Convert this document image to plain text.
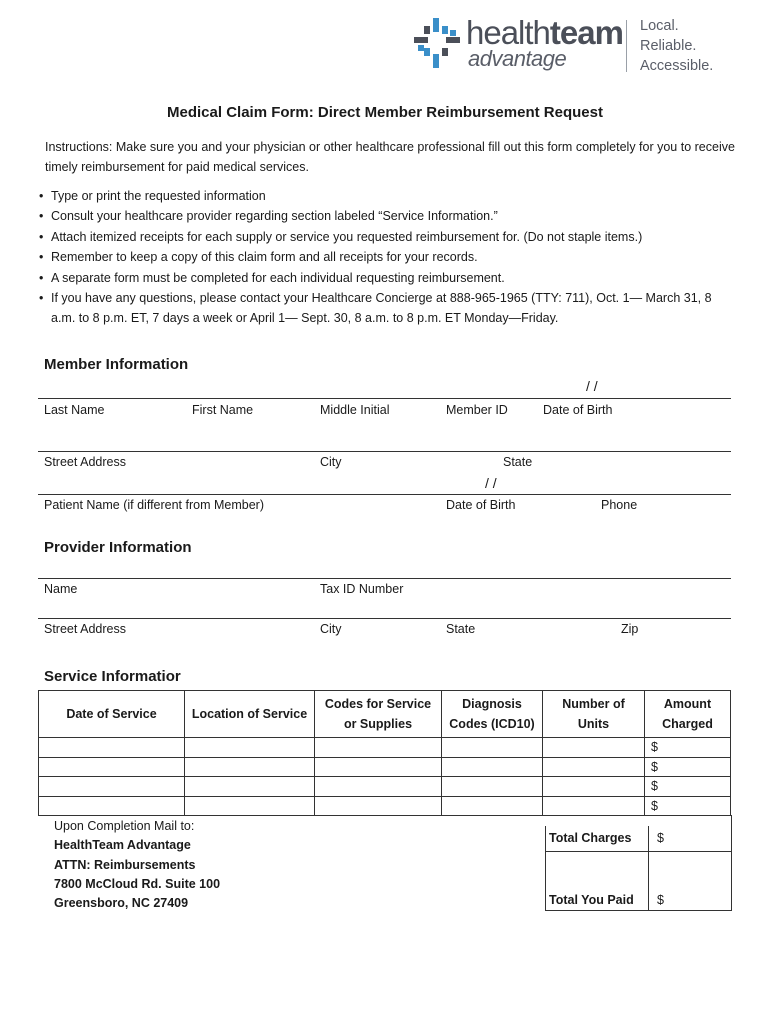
healthteam
advantage
Local.
Reliable.
Accessible.
Medical Claim Form: Direct Member Reimbursement Request
Instructions: Make sure you and your physician or other healthcare professional fill out this form completely for you to receive timely reimbursement for paid medical services.
• Type or print the requested information
• Consult your healthcare provider regarding section labeled “Service Information.”
• Attach itemized receipts for each supply or service you requested reimbursement for. (Do not staple items.)
• Remember to keep a copy of this claim form and all receipts for your records.
• A separate form must be completed for each individual requesting reimbursement.
• If you have any questions, please contact your Healthcare Concierge at 888-965-1965 (TTY: 711), Oct. 1— March 31, 8 a.m. to 8 p.m. ET, 7 days a week or April 1— Sept. 30, 8 a.m. to 8 p.m. ET Monday—Friday.
Member Information
/ /
Last Name	First Name	Middle Initial	Member ID	Date of Birth
Street Address	City	State
/ /
Patient Name (if different from Member)	Date of Birth	Phone
Provider Information
Name	Tax ID Number
Street Address	City	State	Zip
Service Informatior
Date of Service	Location of Service	Codes for Service or Supplies	Diagnosis Codes (ICD10)	Number of Units	Amount Charged
					$
					$
					$
					$
Upon Completion Mail to:
HealthTeam Advantage
ATTN: Reimbursements
7800 McCloud Rd. Suite 100
Greensboro, NC 27409
Total Charges $
Total You Paid $
